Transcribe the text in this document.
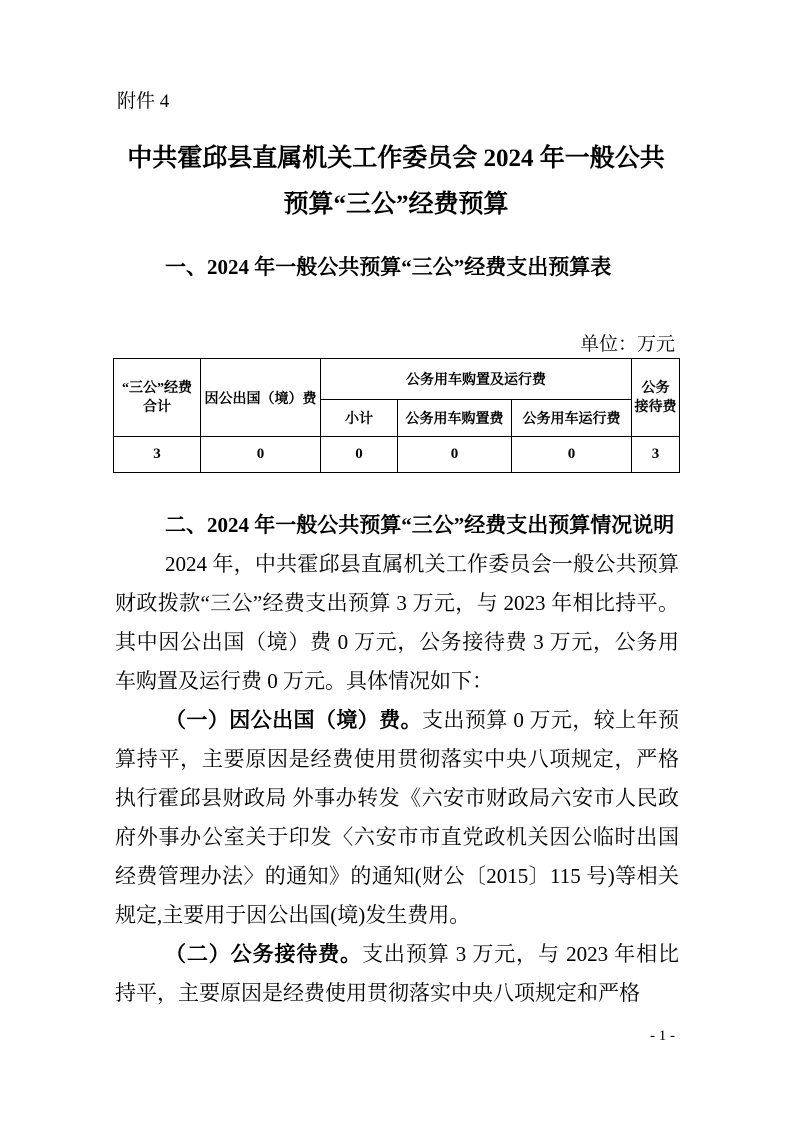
附件 4
中共霍邱县直属机关工作委员会 2024 年一般公共
预算“三公”经费预算
一、2024 年一般公共预算“三公”经费支出预算表
单位：万元
“三公”经费
合计	因公出国（境）费	公务用车购置及运行费			公务
接待费

		小计	公务用车购置费	公务用车运行费	
3	0	0	0	0	3
二、2024 年一般公共预算“三公”经费支出预算情况说明

2024 年，中共霍邱县直属机关工作委员会一般公共预算财政拨款“三公”经费支出预算 3 万元，与 2023 年相比持平。其中因公出国（境）费 0 万元，公务接待费 3 万元，公务用车购置及运行费 0 万元。具体情况如下：

（一）因公出国（境）费。支出预算 0 万元，较上年预算持平，主要原因是经费使用贯彻落实中央八项规定，严格执行霍邱县财政局 外事办转发《六安市财政局六安市人民政府外事办公室关于印发〈六安市市直党政机关因公临时出国经费管理办法〉的通知》的通知(财公〔2015〕115 号)等相关规定,主要用于因公出国(境)发生费用。

（二）公务接待费。支出预算 3 万元，与 2023 年相比持平，主要原因是经费使用贯彻落实中央八项规定和严格

- 1 -
